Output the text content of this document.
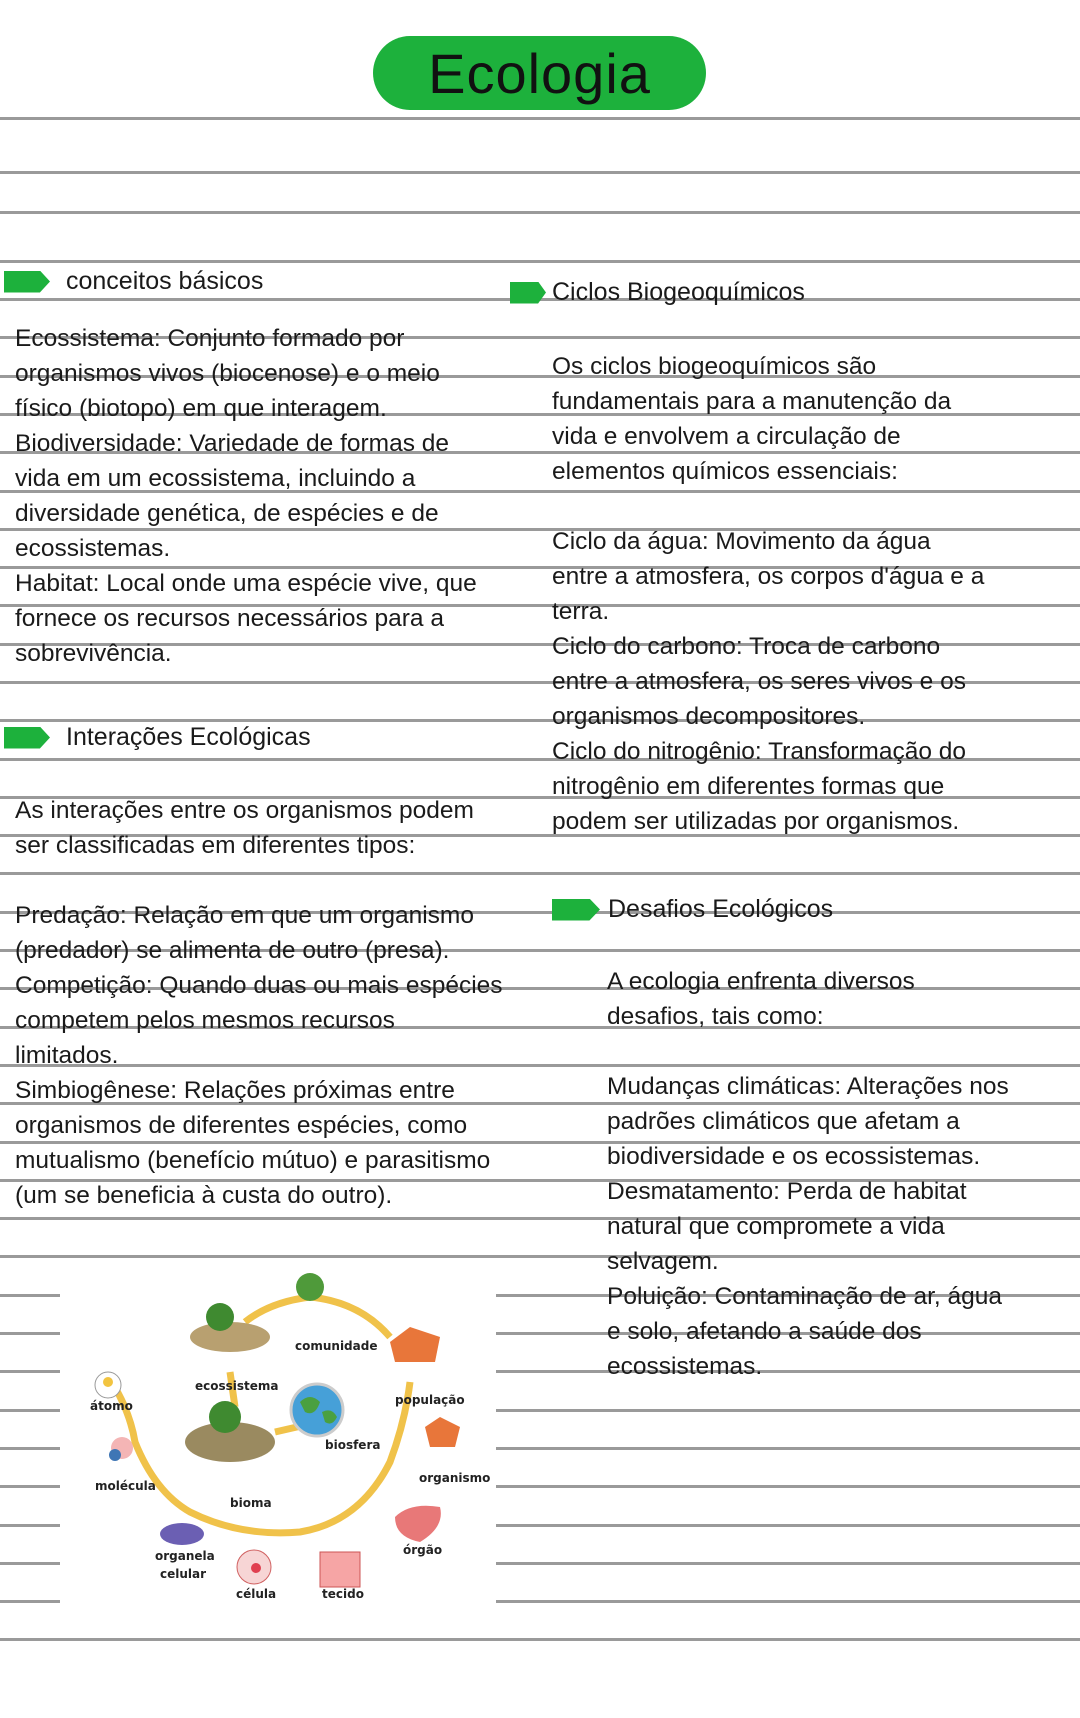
Ecologia
conceitos básicos
Ecossistema: Conjunto formado por
organismos vivos (biocenose) e o meio
físico (biotopo) em que interagem.
Biodiversidade: Variedade de formas de
vida em um ecossistema, incluindo a
diversidade genética, de espécies e de
ecossistemas.
Habitat: Local onde uma espécie vive, que
fornece os recursos necessários para a
sobrevivência.
Interações Ecológicas
As interações entre os organismos podem
ser classificadas em diferentes tipos:
Predação: Relação em que um organismo
(predador) se alimenta de outro (presa).
Competição: Quando duas ou mais espécies
competem pelos mesmos recursos
limitados.
Simbiogênese: Relações próximas entre
organismos de diferentes espécies, como
mutualismo (benefício mútuo) e parasitismo
(um se beneficia à custa do outro).
Ciclos Biogeoquímicos
Os ciclos biogeoquímicos são
fundamentais para a manutenção da
vida e envolvem a circulação de
elementos químicos essenciais:
Ciclo da água: Movimento da água
entre a atmosfera, os corpos d'água e a
terra.
Ciclo do carbono: Troca de carbono
entre a atmosfera, os seres vivos e os
organismos decompositores.
Ciclo do nitrogênio: Transformação do
nitrogênio em diferentes formas que
podem ser utilizadas por organismos.
Desafios Ecológicos
A ecologia enfrenta diversos
desafios, tais como:
Mudanças climáticas: Alterações nos
padrões climáticos que afetam a
biodiversidade e os ecossistemas.
Desmatamento: Perda de habitat
natural que compromete a vida
selvagem.
Poluição: Contaminação de ar, água
e solo, afetando a saúde dos
ecossistemas.
átomo
molécula
organela
celular
célula	tecido
órgão
organismo
população
comunidade
ecossistema
bioma
biosfera
